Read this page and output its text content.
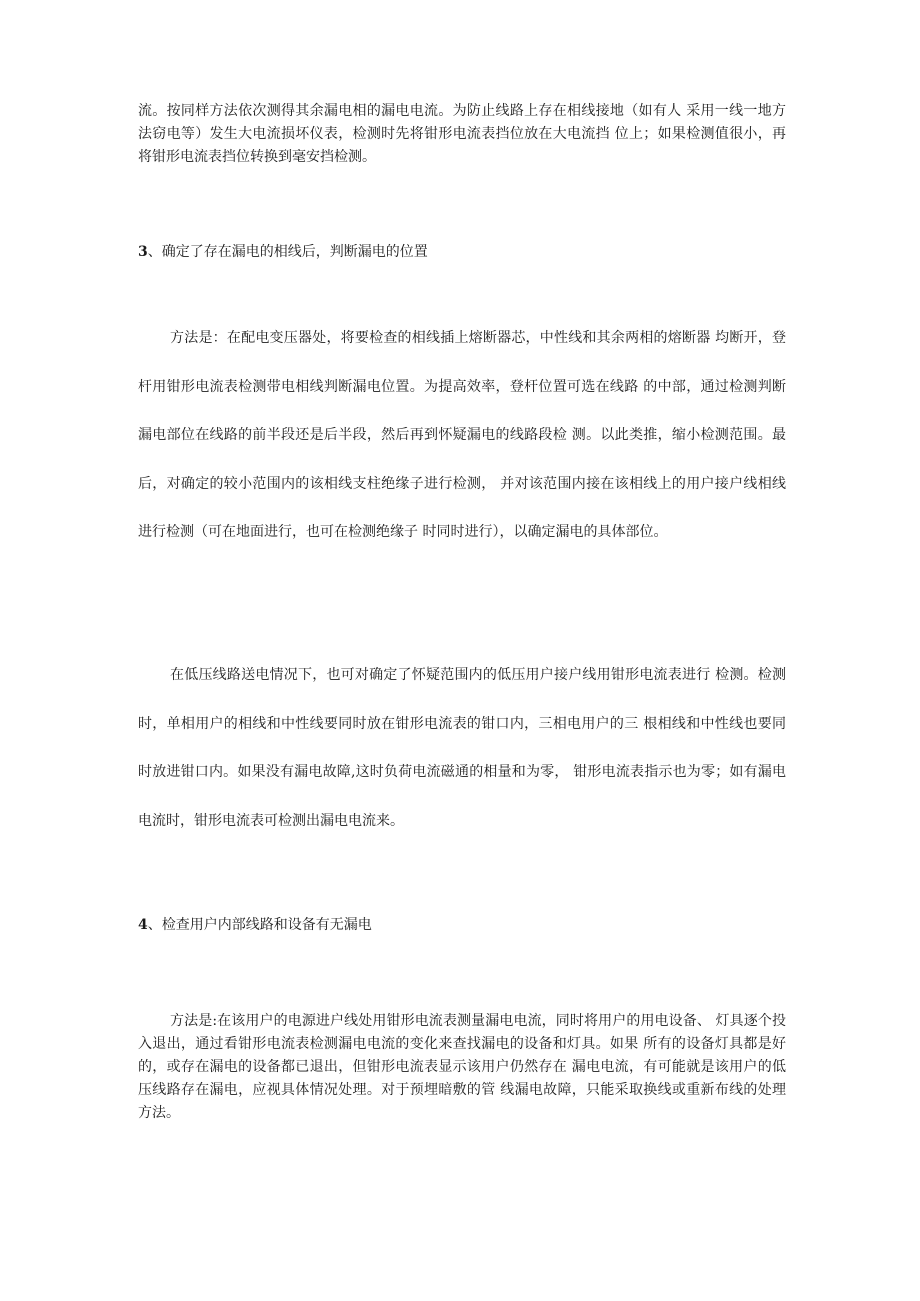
流。按同样方法依次测得其余漏电相的漏电电流。为防止线路上存在相线接地（如有人 采用一线一地方法窃电等）发生大电流损坏仪表，检测时先将钳形电流表挡位放在大电流挡 位上；如果检测值很小，再将钳形电流表挡位转换到毫安挡检测。

3、确定了存在漏电的相线后，判断漏电的位置

方法是：在配电变压器处，将要检查的相线插上熔断器芯，中性线和其余两相的熔断器 均断开，登杆用钳形电流表检测带电相线判断漏电位置。为提高效率，登杆位置可选在线路 的中部，通过检测判断漏电部位在线路的前半段还是后半段，然后再到怀疑漏电的线路段检 测。以此类推，缩小检测范围。最后，对确定的较小范围内的该相线支柱绝缘子进行检测， 并对该范围内接在该相线上的用户接户线相线进行检测（可在地面进行，也可在检测绝缘子 时同时进行），以确定漏电的具体部位。

在低压线路送电情况下，也可对确定了怀疑范围内的低压用户接户线用钳形电流表进行 检测。检测时，单相用户的相线和中性线要同时放在钳形电流表的钳口内，三相电用户的三 根相线和中性线也要同时放进钳口内。如果没有漏电故障,这时负荷电流磁通的相量和为零， 钳形电流表指示也为零；如有漏电电流时，钳形电流表可检测出漏电电流来。

4、检查用户内部线路和设备有无漏电

方法是:在该用户的电源进户线处用钳形电流表测量漏电电流，同时将用户的用电设备、 灯具逐个投入退出，通过看钳形电流表检测漏电电流的变化来查找漏电的设备和灯具。如果 所有的设备灯具都是好的，或存在漏电的设备都已退出，但钳形电流表显示该用户仍然存在 漏电电流，有可能就是该用户的低压线路存在漏电，应视具体情况处理。对于预埋暗敷的管 线漏电故障，只能采取换线或重新布线的处理方法。
